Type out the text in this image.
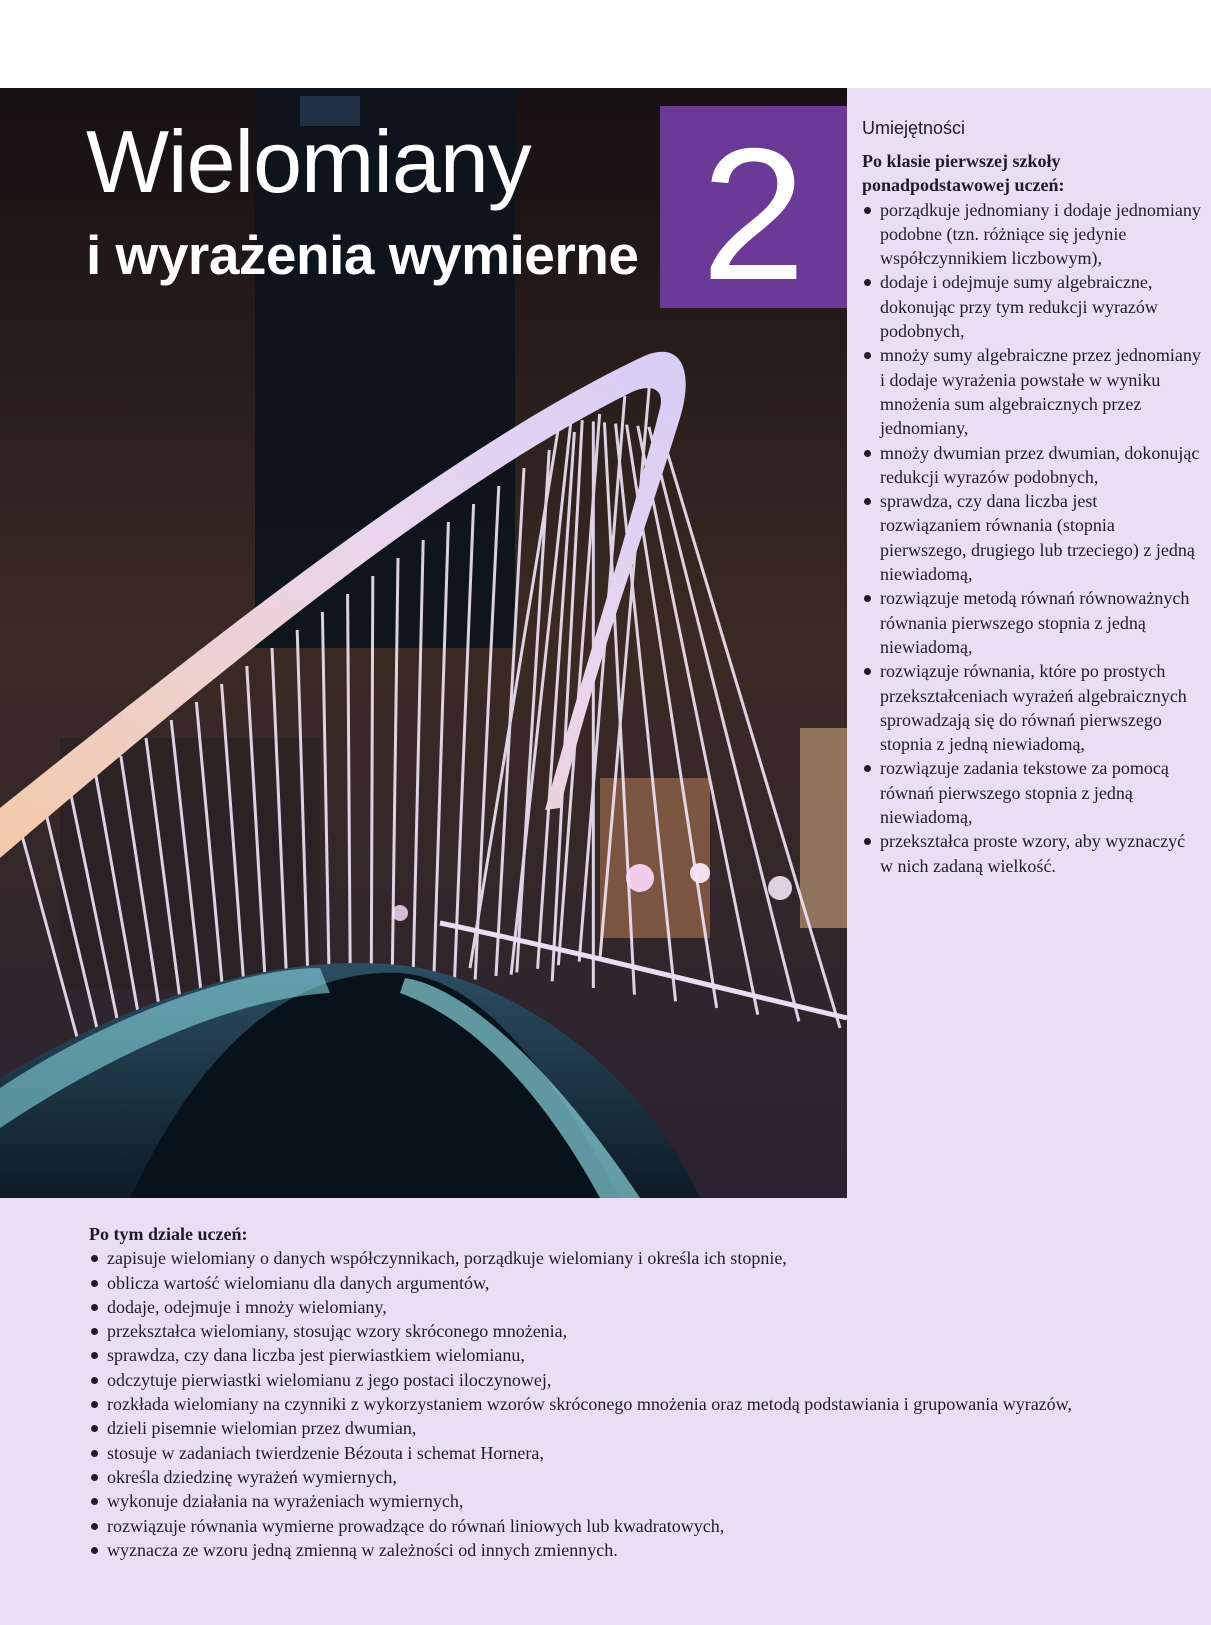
Wielomiany
i wyrażenia wymierne 2	Umiejętności

Po klasie pierwszej szkoły ponadpodstawowej uczeń:

porządkuje jednomiany i dodaje jednomiany podobne (tzn. różniące się jedynie współczynnikiem liczbowym),
dodaje i odejmuje sumy algebraiczne, dokonując przy tym redukcji wyrazów podobnych,
mnoży sumy algebraiczne przez jednomiany i dodaje wyrażenia powstałe w wyniku mnożenia sum algebraicznych przez jednomiany,
mnoży dwumian przez dwumian, dokonując redukcji wyrazów podobnych,
sprawdza, czy dana liczba jest rozwiązaniem równania (stopnia pierwszego, drugiego lub trzeciego) z jedną niewiadomą,
rozwiązuje metodą równań równoważnych równania pierwszego stopnia z jedną niewiadomą,
rozwiązuje równania, które po prostych przekształceniach wyrażeń algebraicznych sprowadzają się do równań pierwszego stopnia z jedną niewiadomą,
rozwiązuje zadania tekstowe za pomocą równań pierwszego stopnia z jedną niewiadomą,
przekształca proste wzory, aby wyznaczyć w nich zadaną wielkość.

Po tym dziale uczeń:

zapisuje wielomiany o danych współczynnikach, porządkuje wielomiany i określa ich stopnie,
oblicza wartość wielomianu dla danych argumentów,
dodaje, odejmuje i mnoży wielomiany,
przekształca wielomiany, stosując wzory skróconego mnożenia,
sprawdza, czy dana liczba jest pierwiastkiem wielomianu,
odczytuje pierwiastki wielomianu z jego postaci iloczynowej,
rozkłada wielomiany na czynniki z wykorzystaniem wzorów skróconego mnożenia oraz metodą podstawiania i grupowania wyrazów,
dzieli pisemnie wielomian przez dwumian,
stosuje w zadaniach twierdzenie Bézouta i schemat Hornera,
określa dziedzinę wyrażeń wymiernych,
wykonuje działania na wyrażeniach wymiernych,
rozwiązuje równania wymierne prowadzące do równań liniowych lub kwadratowych,
wyznacza ze wzoru jedną zmienną w zależności od innych zmiennych.
